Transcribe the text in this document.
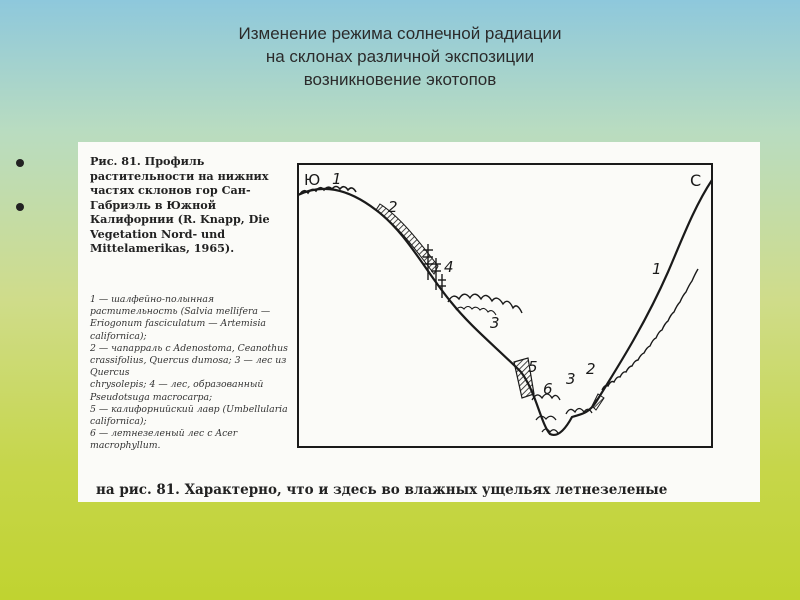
Изменение режима солнечной радиации
на склонах различной экспозиции
возникновение экотопов

Рис. 81. Профиль растительности на нижних частях склонов гор Сан-Габриэль в Южной Калифорнии (R. Knapp, Die Vegetation Nord- und Mittelamerikas, 1965).

1 — шалфейно-полынная растительность (Salvia mellifera — Eriogonum fasciculatum — Artemisia californica);
2 — чапарраль с Adenostoma, Ceanothus crassifolius, Quercus dumosa; 3 — лес из Quercus
chrysolepis; 4 — лес, образованный Pseudotsuga macrocarpa;
5 — калифорнийский лавр (Umbellularia californica);
6 — летнезеленый лес с Acer macrophyllum.
Ю 1
2
4
3
5
6
3
2
1
С
на рис. 81. Характерно, что и здесь во влажных ущельях летнезеленые
